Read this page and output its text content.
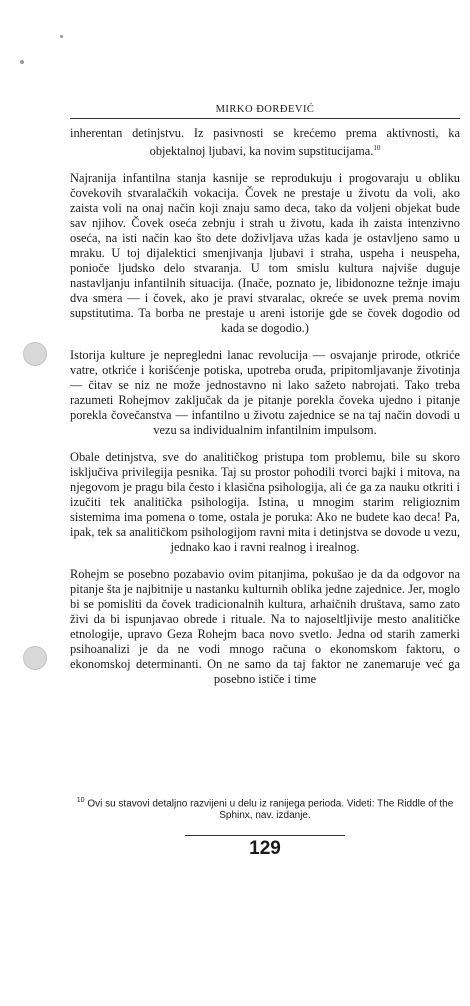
MIRKO ĐORĐEVIĆ

inherentan detinjstvu. Iz pasivnosti se krećemo prema aktivnosti, ka objektalnoj ljubavi, ka novim supstitucijama.$^{10}$

Najranija infantilna stanja kasnije se reprodukuju i progovaraju u obliku čovekovih stvaralačkih vokacija. Čovek ne prestaje u životu da voli, ako zaista voli na onaj način koji znaju samo deca, tako da voljeni objekat bude sav njihov. Čovek oseća zebnju i strah u životu, kada ih zaista intenzivno oseća, na isti način kao što dete doživljava užas kada je ostavljeno samo u mraku. U toj dijalektici smenjivanja ljubavi i straha, uspeha i neuspeha, ponioče ljudsko delo stvaranja. U tom smislu kultura najviše duguje nastavljanju infantilnih situacija. (Inače, poznato je, libidonozne težnje imaju dva smera — i čovek, ako je pravi stvaralac, okreće se uvek prema novim supstitutima. Ta borba ne prestaje u areni istorije gde se čovek dogodio od kada se dogodio.)

Istorija kulture je nepregledni lanac revolucija — osvajanje prirode, otkriće vatre, otkriće i korišćenje potiska, upotreba oruđa, pripitomljavanje životinja — čitav se niz ne može jednostavno ni lako sažeto nabrojati. Tako treba razumeti Rohejmov zaključak da je pitanje porekla čoveka ujedno i pitanje porekla čovečanstva — infantilno u životu zajednice se na taj način dovodi u vezu sa individualnim infantilnim impulsom.

Obale detinjstva, sve do analitičkog pristupa tom problemu, bile su skoro isključiva privilegija pesnika. Taj su prostor pohodili tvorci bajki i mitova, na njegovom je pragu bila često i klasična psihologija, ali će ga za nauku otkriti i izučiti tek analitička psihologija. Istina, u mnogim starim religioznim sistemima ima pomena o tome, ostala je poruka: Ako ne budete kao deca! Pa, ipak, tek sa analitičkom psihologijom ravni mita i detinjstva se dovode u vezu, jednako kao i ravni realnog i irealnog.

Rohejm se posebno pozabavio ovim pitanjima, pokušao je da da odgovor na pitanje šta je najbitnije u nastanku kulturnih oblika jedne zajednice. Jer, moglo bi se pomisliti da čovek tradicionalnih kultura, arhaičnih društava, samo zato živi da bi ispunjavao obrede i rituale. Na to najoseltljivije mesto analitičke etnologije, upravo Geza Rohejm baca novo svetlo. Jedna od starih zamerki psihoanalizi je da ne vodi mnogo računa o ekonomskom faktoru, o ekonomskoj determinanti. On ne samo da taj faktor ne zanemaruje već ga posebno ističe i time

$^{10}$ Ovi su stavovi detaljno razvijeni u delu iz ranijega perioda. Videti: The Riddle of the Sphinx, nav. izdanje.
129
